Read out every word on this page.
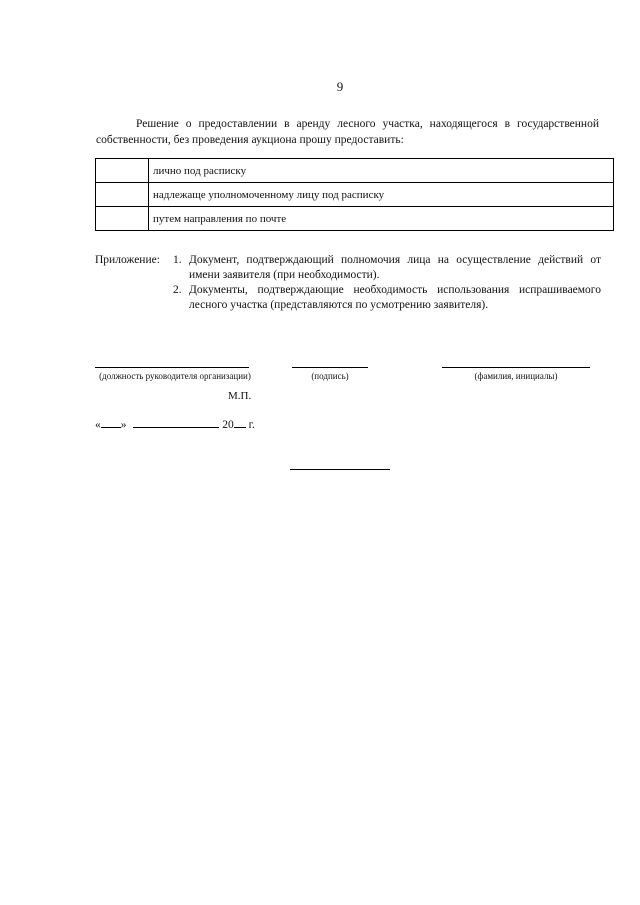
9
Решение о предоставлении в аренду лесного участка, находящегося в государственной собственности, без проведения аукциона прошу предоставить:
	лично под расписку
	надлежаще уполномоченному лицу под расписку
	путем направления по почте
Приложение:	1. Документ, подтверждающий полномочия лица на осуществление действий от имени заявителя (при необходимости).
2. Документы, подтверждающие необходимость использования испрашиваемого лесного участка (представляются по усмотрению заявителя).
(должность руководителя организации)	(подпись)	(фамилия, инициалы)
М.П.
« »	20 г.
